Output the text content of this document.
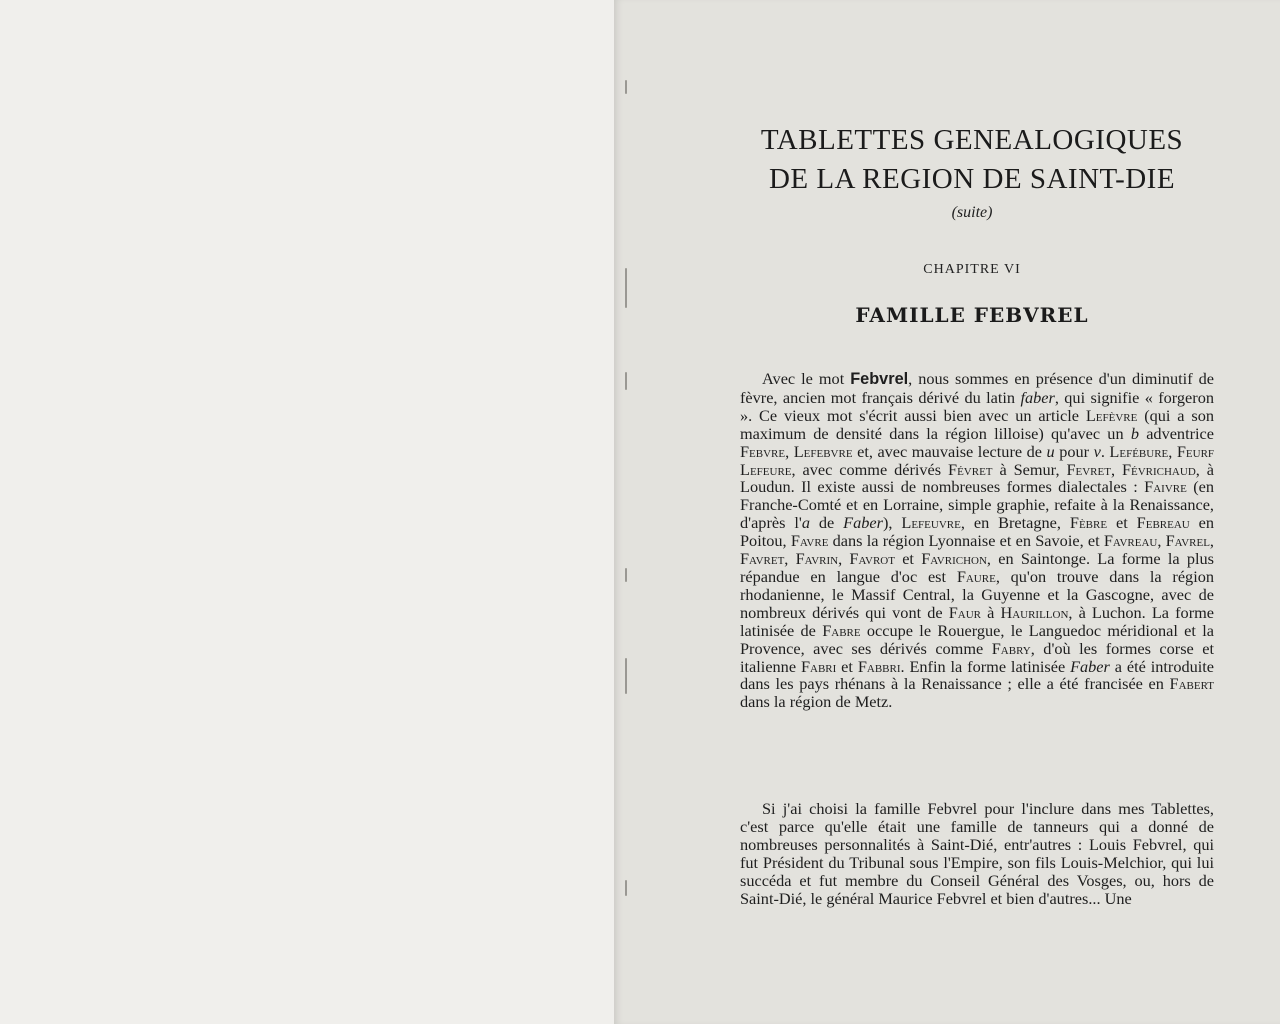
TABLETTES GENEALOGIQUES
DE LA REGION DE SAINT-DIE
(suite)
CHAPITRE VI
FAMILLE FEBVREL

Avec le mot Febvrel, nous sommes en présence d'un diminutif de fèvre, ancien mot français dérivé du latin faber, qui signifie « forgeron ». Ce vieux mot s'écrit aussi bien avec un article Lefèvre (qui a son maximum de densité dans la région lilloise) qu'avec un b adventrice Febvre, Lefebvre et, avec mauvaise lecture de u pour v. Lefébure, Feurf Lefeure, avec comme dérivés Févret à Semur, Fevret, Févrichaud, à Loudun. Il existe aussi de nombreuses formes dialectales : Faivre (en Franche-Comté et en Lorraine, simple graphie, refaite à la Renaissance, d'après l'a de Faber), Lefeuvre, en Bretagne, Fèbre et Febreau en Poitou, Favre dans la région Lyonnaise et en Savoie, et Favreau, Favrel, Favret, Favrin, Favrot et Favrichon, en Saintonge. La forme la plus répandue en langue d'oc est Faure, qu'on trouve dans la région rhodanienne, le Massif Central, la Guyenne et la Gascogne, avec de nombreux dérivés qui vont de Faur à Haurillon, à Luchon. La forme latinisée de Fabre occupe le Rouergue, le Languedoc méridional et la Provence, avec ses dérivés comme Fabry, d'où les formes corse et italienne Fabri et Fabbri. Enfin la forme latinisée Faber a été introduite dans les pays rhénans à la Renaissance ; elle a été francisée en Fabert dans la région de Metz.

Si j'ai choisi la famille Febvrel pour l'inclure dans mes Tablettes, c'est parce qu'elle était une famille de tanneurs qui a donné de nombreuses personnalités à Saint-Dié, entr'autres : Louis Febvrel, qui fut Président du Tribunal sous l'Empire, son fils Louis-Melchior, qui lui succéda et fut membre du Conseil Général des Vosges, ou, hors de Saint-Dié, le général Maurice Febvrel et bien d'autres... Une
